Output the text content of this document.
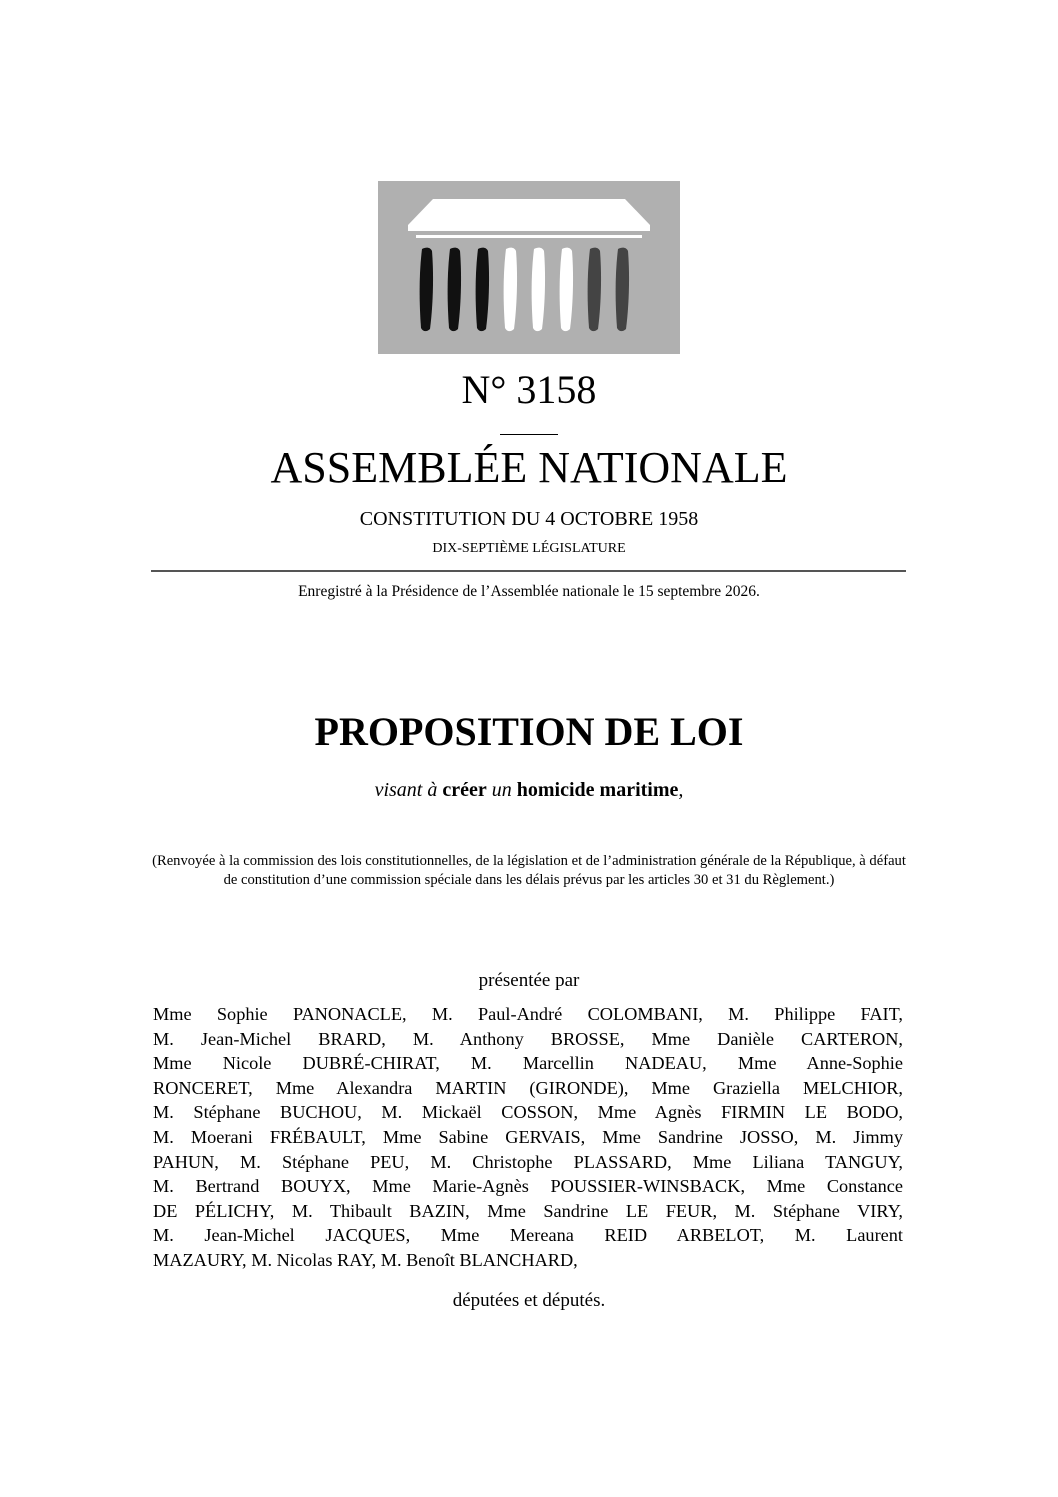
N° 3158
ASSEMBLÉE NATIONALE
CONSTITUTION DU 4 OCTOBRE 1958
DIX-SEPTIÈME LÉGISLATURE
Enregistré à la Présidence de l’Assemblée nationale le 15 septembre 2026.
PROPOSITION DE LOI
visant à créer un homicide maritime,
(Renvoyée à la commission des lois constitutionnelles, de la législation et de l’administration générale de la République, à défaut de constitution d’une commission spéciale dans les délais prévus par les articles 30 et 31 du Règlement.)
présentée par
Mme Sophie PANONACLE, M. Paul-André COLOMBANI, M. Philippe FAIT,
M. Jean-Michel BRARD, M. Anthony BROSSE, Mme Danièle CARTERON,
Mme Nicole DUBRÉ-CHIRAT, M. Marcellin NADEAU, Mme Anne-Sophie
RONCERET, Mme Alexandra MARTIN (GIRONDE), Mme Graziella MELCHIOR,
M. Stéphane BUCHOU, M. Mickaël COSSON, Mme Agnès FIRMIN LE BODO,
M. Moerani FRÉBAULT, Mme Sabine GERVAIS, Mme Sandrine JOSSO, M. Jimmy
PAHUN, M. Stéphane PEU, M. Christophe PLASSARD, Mme Liliana TANGUY,
M. Bertrand BOUYX, Mme Marie-Agnès POUSSIER-WINSBACK, Mme Constance
DE PÉLICHY, M. Thibault BAZIN, Mme Sandrine LE FEUR, M. Stéphane VIRY,
M. Jean-Michel JACQUES, Mme Mereana REID ARBELOT, M. Laurent
MAZAURY, M. Nicolas RAY, M. Benoît BLANCHARD,
députées et députés.
